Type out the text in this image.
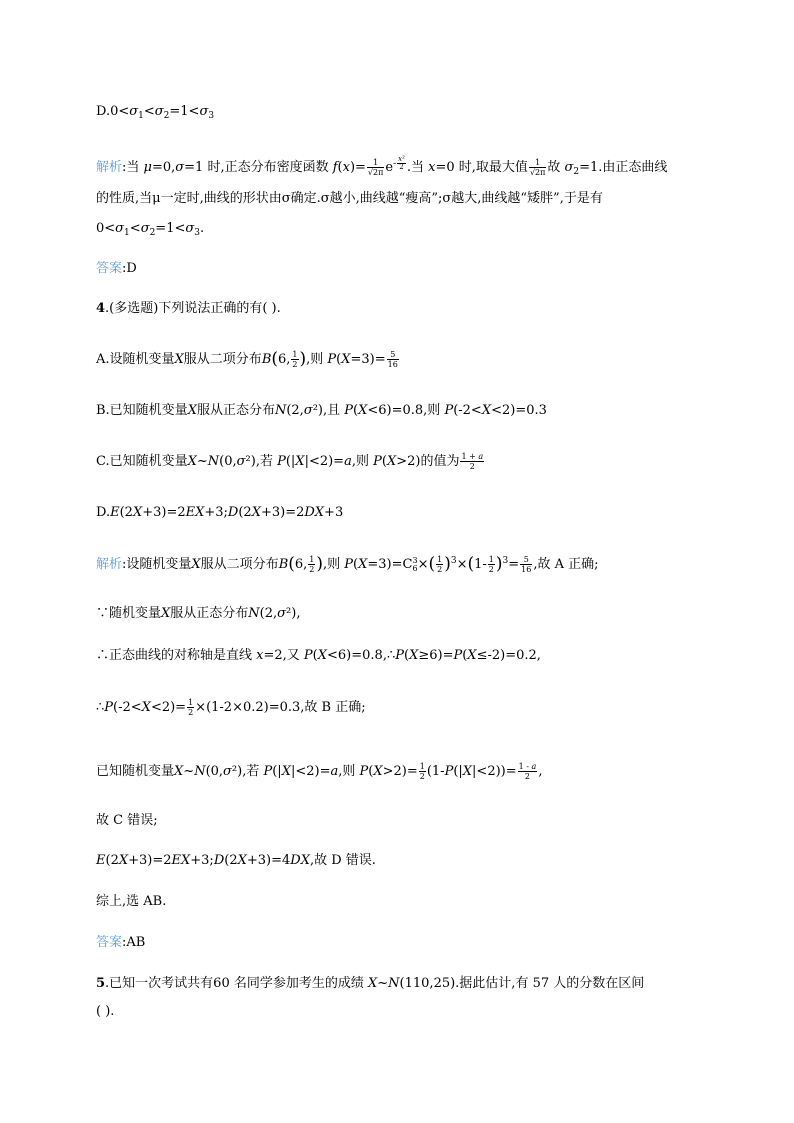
$D.0<\sigma_1<\sigma_2=1<\sigma_3$
解析:当 μ=0,σ=1 时,正态分布密度函数 $f(x)= \frac{1}{√2\pi} e^{- \frac{\text{x²}}{2}}$ .当 x=0 时,取最大值 $\frac{1}{√2\pi}$ 故 $\sigma_2=1$.由正态曲线
的性质,当μ一定时,曲线的形状由σ确定.σ越小,曲线越“瘦高”;σ越大,曲线越“矮胖”,于是有
$0<\sigma_1<\sigma_2=1<\sigma_3$.
答案:D
4.(多选题)下列说法正确的有( ).
A.设随机变量X服从二项分布B(6, $\frac{1}{2}$ ),则 $P(X=3)= \frac{5}{16}$
B.已知随机变量X服从正态分布N(2,σ²),且 P(X<6)=0.8,则 P(-2<X<2)=0.3
C.已知随机变量X~N(0,σ²),若 P(|X|<2)=a,则 P(X>2)的值为 $\frac{1 + a}{2}$
D.E(2X+3)=2EX+3;D(2X+3)=2DX+3
解析:设随机变量X服从二项分布B(6, $\frac{1}{2}$ ),则 P(X=3)=C 3
6 ×( $\frac{1}{2} )^3\times(1- \frac{1}{2} )^3= \frac{5}{16}$ ,故 A 正确;
∵随机变量X服从正态分布N(2,σ²),
∴正态曲线的对称轴是直线 x=2,又 P(X<6)=0.8,∴P(X≥6)=P(X≤-2)=0.2,
∴P(-2<X<2)= $\frac{1}{2} \times(1-2\times 0.2)=0.3$,故 B 正确;
已知随机变量X~N(0,σ²),若 P(|X|<2)=a,则 $P(X>2)= \frac{1}{2} (1-P(|X|<2))= \frac{1 - a}{2}$ ,
故 C 错误;
E(2X+3)=2EX+3;D(2X+3)=4DX,故 D 错误.
综上,选 AB.
答案:AB
5.已知一次考试共有60 名同学参加考生的成绩 X~N(110,25).据此估计,有 57 人的分数在区间
( ).
